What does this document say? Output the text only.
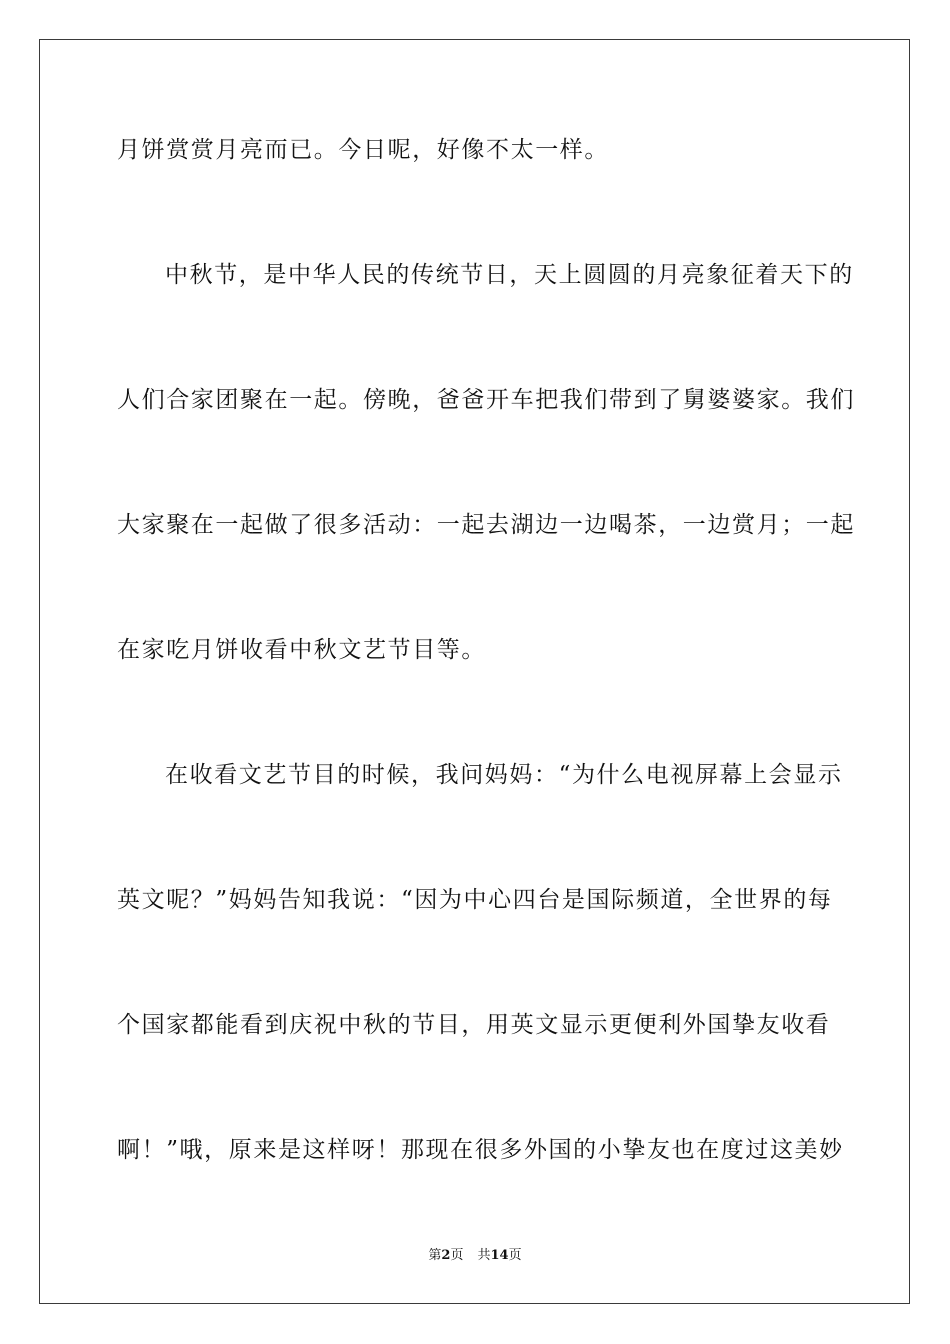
月饼赏赏月亮而已。今日呢，好像不太一样。

中秋节，是中华人民的传统节日，天上圆圆的月亮象征着天下的

人们合家团聚在一起。傍晚，爸爸开车把我们带到了舅婆婆家。我们

大家聚在一起做了很多活动：一起去湖边一边喝茶，一边赏月；一起

在家吃月饼收看中秋文艺节目等。

在收看文艺节目的时候，我问妈妈：“为什么电视屏幕上会显示

英文呢？”妈妈告知我说：“因为中心四台是国际频道，全世界的每

个国家都能看到庆祝中秋的节目，用英文显示更便利外国挚友收看

啊！”哦，原来是这样呀！那现在很多外国的小挚友也在度过这美妙

第2页 共14页
